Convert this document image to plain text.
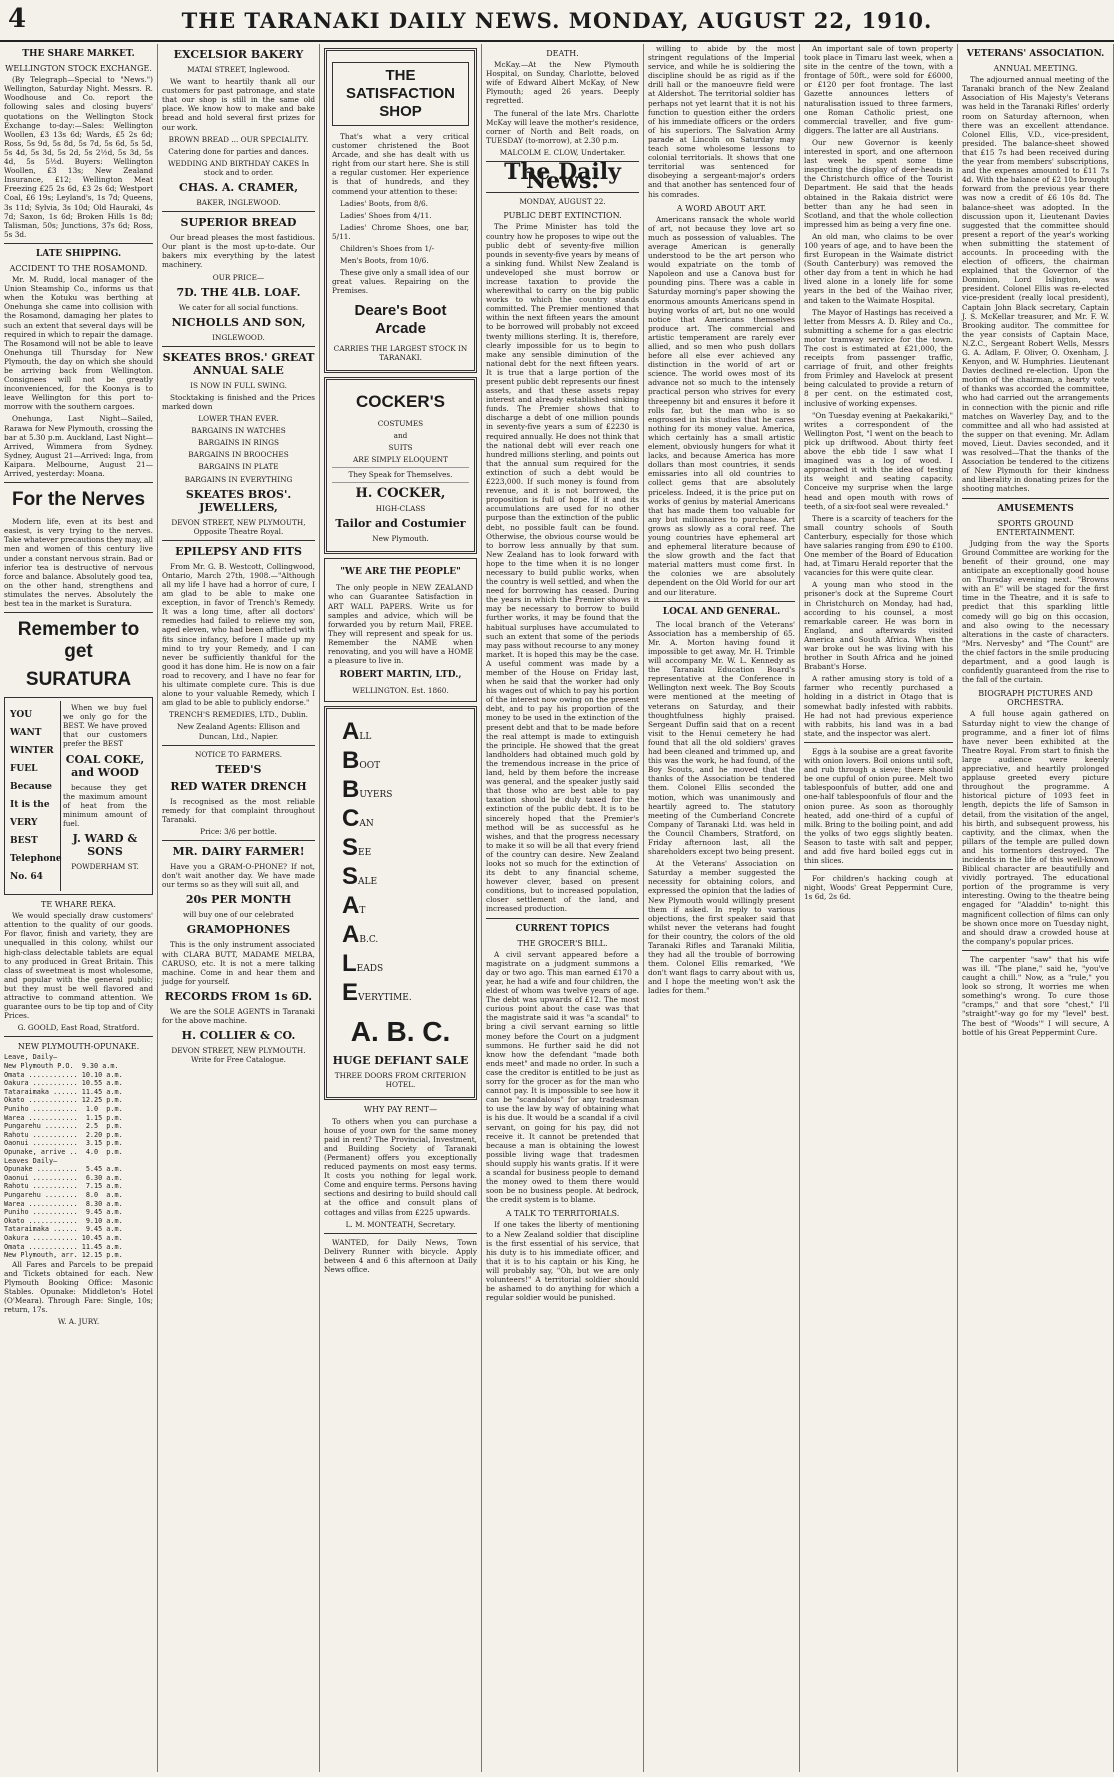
4	THE TARANAKI DAILY NEWS. MONDAY, AUGUST 22, 1910.
THE SHARE MARKET.
WELLINGTON STOCK EXCHANGE.

(By Telegraph—Special to "News.") Wellington, Saturday Night. Messrs. R. Woodhouse and Co. report the following sales and closing buyers' quotations on the Wellington Stock Exchange to-day:—Sales: Wellington Woollen, £3 13s 6d; Wards, £5 2s 6d; Ross, 5s 9d, 5s 8d, 5s 7d, 5s 6d, 5s 5d, 5s 4d, 5s 3d, 5s 2d, 5s 2½d, 5s 3d, 5s 4d, 5s 5½d. Buyers: Wellington Woollen, £3 13s; New Zealand Insurance, £12; Wellington Meat Freezing £25 2s 6d, £3 2s 6d; Westport Coal, £6 19s; Leyland's, 1s 7d; Queens, 3s 11d; Sylvia, 3s 10d; Old Hauraki, 4s 7d; Saxon, 1s 6d; Broken Hills 1s 8d; Talisman, 50s; Junctions, 37s 6d; Ross, 5s 3d.

LATE SHIPPING.
ACCIDENT TO THE ROSAMOND.

Mr. M. Rudd, local manager of the Union Steamship Co., informs us that when the Kotuku was berthing at Onehunga she came into collision with the Rosamond, damaging her plates to such an extent that several days will be required in which to repair the damage. The Rosamond will not be able to leave Onehunga till Thursday for New Plymouth, the day on which she should be arriving back from Wellington. Consignees will not be greatly inconvenienced, for the Koonya is to leave Wellington for this port to-morrow with the southern cargoes.

Onehunga, Last Night—Sailed, Rarawa for New Plymouth, crossing the bar at 5.30 p.m. Auckland, Last Night—Arrived, Wimmera from Sydney. Sydney, August 21—Arrived: Inga, from Kaipara. Melbourne, August 21—Arrived, yesterday: Moana.

For the Nerves

Modern life, even at its best and easiest, is very trying to the nerves. Take whatever precautions they may, all men and women of this century live under a constant nervous strain. Bad or inferior tea is destructive of nervous force and balance. Absolutely good tea, on the other hand, strengthens and stimulates the nerves. Absolutely the best tea in the market is Suratura.

Remember to get
SURATURA
YOU
WANT
WINTER
FUEL
Because
It is the
VERY
BEST
Telephone
No. 64

When we buy fuel we only go for the BEST. We have proved that our customers prefer the BEST

COAL COKE, and WOOD

because they get the maximum amount of heat from the minimum amount of fuel.

J. WARD & SONS

POWDERHAM ST.

TE WHARE REKA.

We would specially draw customers' attention to the quality of our goods. For flavor, finish and variety, they are unequalled in this colony, whilst our high-class delectable tablets are equal to any produced in Great Britain. This class of sweetmeat is most wholesome, and popular with the general public; but they must be well flavored and attractive to command attention. We guarantee ours to be tip top and of City Prices.

G. GOOLD, East Road, Stratford.

NEW PLYMOUTH-OPUNAKE.
Leave, Daily—
New Plymouth P.O.  9.30 a.m.
Omata ............ 10.10 a.m.
Oakura ........... 10.55 a.m.
Tataraimaka ...... 11.45 a.m.
Okato ............ 12.25 p.m.
Puniho ...........  1.0  p.m.
Warea ............  1.15 p.m.
Pungarehu ........  2.5  p.m.
Rahotu ...........  2.20 p.m.
Oaonui ...........  3.15 p.m.
Opunake, arrive ..  4.0  p.m.
Leaves Daily—
Opunake ..........  5.45 a.m.
Oaonui ...........  6.30 a.m.
Rahotu ...........  7.15 a.m.
Pungarehu ........  8.0  a.m.
Warea ............  8.30 a.m.
Puniho ...........  9.45 a.m.
Okato ............  9.10 a.m.
Tataraimaka ......  9.45 a.m.
Oakura ........... 10.45 a.m.
Omata ............ 11.45 a.m.
New Plymouth, arr. 12.15 p.m.

All Fares and Parcels to be prepaid and Tickets obtained for each. New Plymouth Booking Office: Masonic Stables. Opunake: Middleton's Hotel (O'Meara). Through Fare: Single, 10s; return, 17s.

W. A. JURY.

EXCELSIOR BAKERY

MATAI STREET, Inglewood.

We want to heartily thank all our customers for past patronage, and state that our shop is still in the same old place. We know how to make and bake bread and hold several first prizes for our work.

BROWN BREAD ... OUR SPECIALITY.

Catering done for parties and dances.

WEDDING AND BIRTHDAY CAKES In stock and to order.

CHAS. A. CRAMER,

BAKER, INGLEWOOD.

SUPERIOR BREAD

Our bread pleases the most fastidious. Our plant is the most up-to-date. Our bakers mix everything by the latest machinery.

OUR PRICE—

7D. THE 4LB. LOAF.

We cater for all social functions.

NICHOLLS AND SON,

INGLEWOOD.

SKEATES BROS.' GREAT ANNUAL SALE

IS NOW IN FULL SWING.

Stocktaking is finished and the Prices marked down

LOWER THAN EVER.

BARGAINS IN WATCHES

BARGAINS IN RINGS

BARGAINS IN BROOCHES

BARGAINS IN PLATE

BARGAINS IN EVERYTHING

SKEATES BROS'. JEWELLERS,

DEVON STREET, NEW PLYMOUTH, Opposite Theatre Royal.

EPILEPSY AND FITS

From Mr. G. B. Westcott, Collingwood, Ontario, March 27th, 1908.—"Although all my life I have had a horror of cure, I am glad to be able to make one exception, in favor of Trench's Remedy. It was a long time, after all doctors' remedies had failed to relieve my son, aged eleven, who had been afflicted with fits since infancy, before I made up my mind to try your Remedy, and I can never be sufficiently thankful for the good it has done him. He is now on a fair road to recovery, and I have no fear for his ultimate complete cure. This is due alone to your valuable Remedy, which I am glad to be able to publicly endorse."

TRENCH'S REMEDIES, LTD., Dublin.

New Zealand Agents: Ellison and Duncan, Ltd., Napier.

NOTICE TO FARMERS.

TEED'S
RED WATER DRENCH

Is recognised as the most reliable remedy for that complaint throughout Taranaki.

Price: 3/6 per bottle.

MR. DAIRY FARMER!

Have you a GRAM-O-PHONE? If not, don't wait another day. We have made our terms so as they will suit all, and

20s PER MONTH

will buy one of our celebrated

GRAMOPHONES

This is the only instrument associated with CLARA BUTT, MADAME MELBA, CARUSO, etc. It is not a mere talking machine. Come in and hear them and judge for yourself.

RECORDS FROM 1s 6D.

We are the SOLE AGENTS in Taranaki for the above machine.

H. COLLIER & CO.

DEVON STREET, NEW PLYMOUTH. Write for Free Catalogue.

THE SATISFACTION SHOP

That's what a very critical customer christened the Boot Arcade, and she has dealt with us right from our start here. She is still a regular customer. Her experience is that of hundreds, and they commend your attention to these:

Ladies' Boots, from 8/6.

Ladies' Shoes from 4/11.

Ladies' Chrome Shoes, one bar, 5/11.

Children's Shoes from 1/-

Men's Boots, from 10/6.

These give only a small idea of our great values. Repairing on the Premises.

Deare's Boot Arcade

CARRIES THE LARGEST STOCK IN TARANAKI.

COCKER'S

COSTUMES

and

SUITS

ARE SIMPLY ELOQUENT

They Speak for Themselves.

H. COCKER,

HIGH-CLASS

Tailor and Costumier

New Plymouth.

"WE ARE THE PEOPLE"

The only people in NEW ZEALAND who can Guarantee Satisfaction in ART WALL PAPERS. Write us for samples and advice, which will be forwarded you by return Mail, FREE. They will represent and speak for us. Remember the NAME when renovating, and you will have a HOME a pleasure to live in.

ROBERT MARTIN, LTD.,

WELLINGTON. Est. 1860.

ALL
BOOT
BUYERS
CAN
SEE
SALE
AT
AB.C.
LEADS
EVERYTIME.
A. B. C.
HUGE DEFIANT SALE

THREE DOORS FROM CRITERION HOTEL.

WHY PAY RENT—

To others when you can purchase a house of your own for the same money paid in rent? The Provincial, Investment, and Building Society of Taranaki (Permanent) offers you exceptionally reduced payments on most easy terms. It costs you nothing for legal work. Come and enquire terms. Persons having sections and desiring to build should call at the office and consult plans of cottages and villas from £225 upwards.

L. M. MONTEATH, Secretary.

WANTED, for Daily News, Town Delivery Runner with bicycle. Apply between 4 and 6 this afternoon at Daily News office.

DEATH.

McKay.—At the New Plymouth Hospital, on Sunday, Charlotte, beloved wife of Edward Albert McKay, of New Plymouth; aged 26 years. Deeply regretted.

The funeral of the late Mrs. Charlotte McKay will leave the mother's residence, corner of North and Belt roads, on TUESDAY (to-morrow), at 2.30 p.m.

MALCOLM E. CLOW, Undertaker.

The Daily News.

MONDAY, AUGUST 22.

PUBLIC DEBT EXTINCTION.

The Prime Minister has told the country how he proposes to wipe out the public debt of seventy-five million pounds in seventy-five years by means of a sinking fund. Whilst New Zealand is undeveloped she must borrow or increase taxation to provide the wherewithal to carry on the big public works to which the country stands committed. The Premier mentioned that within the next fifteen years the amount to be borrowed will probably not exceed twenty millions sterling. It is, therefore, clearly impossible for us to begin to make any sensible diminution of the national debt for the next fifteen years. It is true that a large portion of the present public debt represents our finest assets, and that these assets repay interest and already established sinking funds. The Premier shows that to discharge a debt of one million pounds in seventy-five years a sum of £2230 is required annually. He does not think that the national debt will ever reach one hundred millions sterling, and points out that the annual sum required for the extinction of such a debt would be £223,000. If such money is found from revenue, and it is not borrowed, the proposition is full of hope. If it and its accumulations are used for no other purpose than the extinction of the public debt, no possible fault can be found. Otherwise, the obvious course would be to borrow less annually by that sum. New Zealand has to look forward with hope to the time when it is no longer necessary to build public works, when the country is well settled, and when the need for borrowing has ceased. During the years in which the Premier shows it may be necessary to borrow to build further works, it may be found that the habitual surpluses have accumulated to such an extent that some of the periods may pass without recourse to any money market. It is hoped this may be the case. A useful comment was made by a member of the House on Friday last, when he said that the worker had only his wages out of which to pay his portion of the interest now owing on the present debt, and to pay his proportion of the money to be used in the extinction of the present debt and that to be made before the real attempt is made to extinguish the principle. He showed that the great landholders had obtained much gold by the tremendous increase in the price of land, held by them before the increase was general, and the speaker justly said that those who are best able to pay taxation should be duly taxed for the extinction of the public debt. It is to be sincerely hoped that the Premier's method will be as successful as he wishes, and that the progress necessary to make it so will be all that every friend of the country can desire. New Zealand looks not so much for the extinction of its debt to any financial scheme, however clever, based on present conditions, but to increased population, closer settlement of the land, and increased production.

CURRENT TOPICS
THE GROCER'S BILL.

A civil servant appeared before a magistrate on a judgment summons a day or two ago. This man earned £170 a year, he had a wife and four children, the eldest of whom was twelve years of age. The debt was upwards of £12. The most curious point about the case was that the magistrate said it was "a scandal" to bring a civil servant earning so little money before the Court on a judgment summons. He further said he did not know how the defendant "made both ends meet" and made no order. In such a case the creditor is entitled to be just as sorry for the grocer as for the man who cannot pay. It is impossible to see how it can be "scandalous" for any tradesman to use the law by way of obtaining what is his due. It would be a scandal if a civil servant, on going for his pay, did not receive it. It cannot be pretended that because a man is obtaining the lowest possible living wage that tradesmen should supply his wants gratis. If it were a scandal for business people to demand the money owed to them there would soon be no business people. At bedrock, the credit system is to blame.

A TALK TO TERRITORIALS.

If one takes the liberty of mentioning to a New Zealand soldier that discipline is the first essential of his service, that his duty is to his immediate officer, and that it is to his captain or his King, he will probably say, "Oh, but we are only volunteers!" A territorial soldier should be ashamed to do anything for which a regular soldier would be punished.

willing to abide by the most stringent regulations of the Imperial service, and while he is soldiering the discipline should be as rigid as if the drill hall or the manoeuvre field were at Aldershot. The territorial soldier has perhaps not yet learnt that it is not his function to question either the orders of his immediate officers or the orders of his superiors. The Salvation Army parade at Lincoln on Saturday may teach some wholesome lessons to colonial territorials. It shows that one territorial was sentenced for disobeying a sergeant-major's orders and that another has sentenced four of his comrades.

A WORD ABOUT ART.

Americans ransack the whole world of art, not because they love art so much as possession of valuables. The average American is generally understood to be the art person who would expatriate on the tomb of Napoleon and use a Canova bust for pounding pins. There was a cable in Saturday morning's paper showing the enormous amounts Americans spend in buying works of art, but no one would notice that Americans themselves produce art. The commercial and artistic temperament are rarely ever allied, and so men who push dollars before all else ever achieved any distinction in the world of art or science. The world owes most of its advance not so much to the intensely practical person who strives for every threepenny bit and ensures it before it rolls far, but the man who is so engrossed in his studies that he cares nothing for its money value. America, which certainly has a small artistic element, obviously hungers for what it lacks, and because America has more dollars than most countries, it sends emissaries into all old countries to collect gems that are absolutely priceless. Indeed, it is the price put on works of genius by material Americans that has made them too valuable for any but millionaires to purchase. Art grows as slowly as a coral reef. The young countries have ephemeral art and ephemeral literature because of the slow growth and the fact that material matters must come first. In the colonies we are absolutely dependent on the Old World for our art and our literature.

LOCAL AND GENERAL.

The local branch of the Veterans' Association has a membership of 65. Mr. A. Morton having found it impossible to get away, Mr. H. Trimble will accompany Mr. W. L. Kennedy as the Taranaki Education Board's representative at the Conference in Wellington next week. The Boy Scouts were mentioned at the meeting of veterans on Saturday, and their thoughtfulness highly praised. Sergeant Duffin said that on a recent visit to the Henui cemetery he had found that all the old soldiers' graves had been cleaned and trimmed up, and this was the work, he had found, of the Boy Scouts, and he moved that the thanks of the Association be tendered them. Colonel Ellis seconded the motion, which was unanimously and heartily agreed to. The statutory meeting of the Cumberland Concrete Company of Taranaki Ltd. was held in the Council Chambers, Stratford, on Friday afternoon last, all the shareholders except two being present.

At the Veterans' Association on Saturday a member suggested the necessity for obtaining colors, and expressed the opinion that the ladies of New Plymouth would willingly present them if asked. In reply to various objections, the first speaker said that whilst never the veterans had fought for their country, the colors of the old Taranaki Rifles and Taranaki Militia, they had all the trouble of borrowing them. Colonel Ellis remarked, "We don't want flags to carry about with us, and I hope the meeting won't ask the ladies for them."

An important sale of town property took place in Timaru last week, when a site in the centre of the town, with a frontage of 50ft., were sold for £6000, or £120 per foot frontage. The last Gazette announces letters of naturalisation issued to three farmers, one Roman Catholic priest, one commercial traveller, and five gum-diggers. The latter are all Austrians.

Our new Governor is keenly interested in sport, and one afternoon last week he spent some time inspecting the display of deer-heads in the Christchurch office of the Tourist Department. He said that the heads obtained in the Rakaia district were better than any he had seen in Scotland, and that the whole collection impressed him as being a very fine one.

An old man, who claims to be over 100 years of age, and to have been the first European in the Waimate district (South Canterbury) was removed the other day from a tent in which he had lived alone in a lonely life for some years in the bed of the Waihao river, and taken to the Waimate Hospital.

The Mayor of Hastings has received a letter from Messrs A. D. Riley and Co., submitting a scheme for a gas electric motor tramway service for the town. The cost is estimated at £21,000, the receipts from passenger traffic, carriage of fruit, and other freights from Frimley and Havelock at present being calculated to provide a return of 8 per cent. on the estimated cost, inclusive of working expenses.

"On Tuesday evening at Paekakariki," writes a correspondent of the Wellington Post, "I went on the beach to pick up driftwood. About thirty feet above the ebb tide I saw what I imagined was a log of wood. I approached it with the idea of testing its weight and seating capacity. Conceive my surprise when the large head and open mouth with rows of teeth, of a six-foot seal were revealed."

There is a scarcity of teachers for the small country schools of South Canterbury, especially for those which have salaries ranging from £90 to £100. One member of the Board of Education had, at Timaru Herald reporter that the vacancies for this were quite clear.

A young man who stood in the prisoner's dock at the Supreme Court in Christchurch on Monday, had had, according to his counsel, a most remarkable career. He was born in England, and afterwards visited America and South Africa. When the war broke out he was living with his brother in South Africa and he joined Brabant's Horse.

A rather amusing story is told of a farmer who recently purchased a holding in a district in Otago that is somewhat badly infested with rabbits. He had not had previous experience with rabbits, his land was in a bad state, and the inspector was alert.

Eggs à la soubise are a great favorite with onion lovers. Boil onions until soft, and rub through a sieve; there should be one cupful of onion puree. Melt two tablespoonfuls of butter, add one and one-half tablespoonfuls of flour and the onion puree. As soon as thoroughly heated, add one-third of a cupful of milk. Bring to the boiling point, and add the yolks of two eggs slightly beaten. Season to taste with salt and pepper, and add five hard boiled eggs cut in thin slices.

For children's hacking cough at night, Woods' Great Peppermint Cure, 1s 6d, 2s 6d.

VETERANS' ASSOCIATION.
ANNUAL MEETING.

The adjourned annual meeting of the Taranaki branch of the New Zealand Association of His Majesty's Veterans was held in the Taranaki Rifles' orderly room on Saturday afternoon, when there was an excellent attendance. Colonel Ellis, V.D., vice-president, presided. The balance-sheet showed that £15 7s had been received during the year from members' subscriptions, and the expenses amounted to £11 7s 4d. With the balance of £2 10s brought forward from the previous year there was now a credit of £6 10s 8d. The balance-sheet was adopted. In the discussion upon it, Lieutenant Davies suggested that the committee should present a report of the year's working when submitting the statement of accounts. In proceeding with the election of officers, the chairman explained that the Governor of the Dominion, Lord Islington, was president. Colonel Ellis was re-elected vice-president (really local president), Captain John Black secretary, Captain J. S. McKellar treasurer, and Mr. F. W. Brooking auditor. The committee for the year consists of Captain Mace, N.Z.C., Sergeant Robert Wells, Messrs G. A. Adlam, F. Oliver, O. Oxenham, J. Kenyon, and W. Humphries. Lieutenant Davies declined re-election. Upon the motion of the chairman, a hearty vote of thanks was accorded the committee, who had carried out the arrangements in connection with the picnic and rifle matches on Waverley Day, and to the committee and all who had assisted at the supper on that evening. Mr. Adlam moved, Lieut. Davies seconded, and it was resolved—That the thanks of the Association be tendered to the citizens of New Plymouth for their kindness and liberality in donating prizes for the shooting matches.

AMUSEMENTS
SPORTS GROUND ENTERTAINMENT.

Judging from the way the Sports Ground Committee are working for the benefit of their ground, one may anticipate an exceptionally good house on Thursday evening next. "Browns with an E" will be staged for the first time in the Theatre, and it is safe to predict that this sparkling little comedy will go big on this occasion, and also owing to the necessary alterations in the caste of characters. "Mrs. Nervesby" and "The Count" are the chief factors in the smile producing department, and a good laugh is confidently guaranteed from the rise to the fall of the curtain.

BIOGRAPH PICTURES AND ORCHESTRA.

A full house again gathered on Saturday night to view the change of programme, and a finer lot of films have never been exhibited at the Theatre Royal. From start to finish the large audience were keenly appreciative, and heartily prolonged applause greeted every picture throughout the programme. A historical picture of 1093 feet in length, depicts the life of Samson in detail, from the visitation of the angel, his birth, and subsequent prowess, his captivity, and the climax, when the pillars of the temple are pulled down and his tormentors destroyed. The incidents in the life of this well-known Biblical character are beautifully and vividly portrayed. The educational portion of the programme is very interesting. Owing to the theatre being engaged for "Aladdin" to-night this magnificent collection of films can only be shown once more on Tuesday night, and should draw a crowded house at the company's popular prices.

The carpenter "saw" that his wife was ill. "The plane," said he, "you've caught a chill." Now, as a "rule," you look so strong, It worries me when something's wrong. To cure those "cramps," and that sore "chest," I'll "straight"-way go for my "level" best. The best of "Woods'" I will secure, A bottle of his Great Peppermint Cure.
